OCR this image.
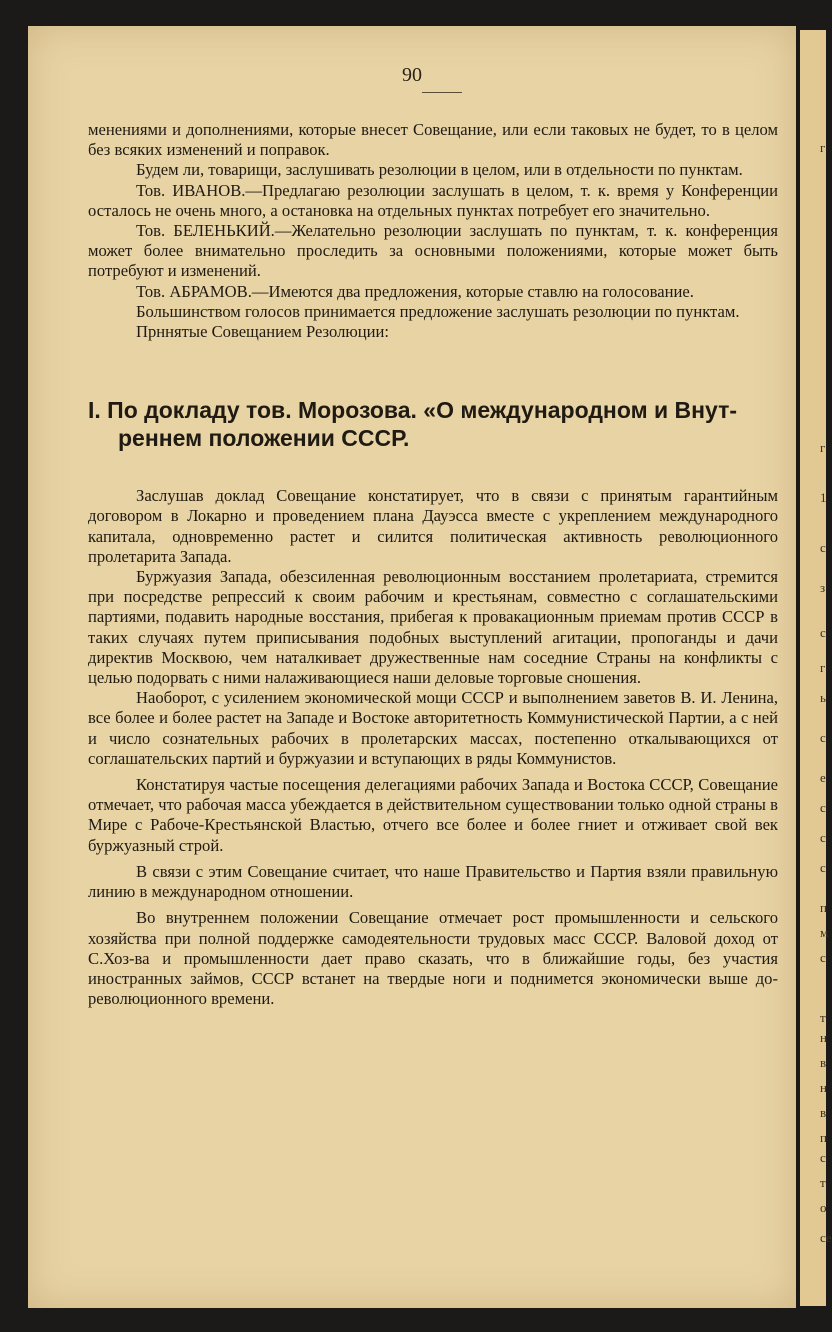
90

менениями и дополнениями, которые внесет Совещание, или если таковых не будет, то в целом без всяких изменений и поправок.

Будем ли, товарищи, заслушивать резолюции в целом, или в отдельности по пунктам.

Тов. ИВАНОВ.—Предлагаю резолюции заслушать в целом, т. к. время у Конференции осталось не очень много, а остановка на отдельных пунктах потребует его значительно.

Тов. БЕЛЕНЬКИЙ.—Желательно резолюции заслушать по пунктам, т. к. конференция может более внимательно проследить за основными положениями, которые может быть потребуют и изменений.

Тов. АБРАМОВ.—Имеются два предложения, которые ставлю на голосование.

Большинством голосов принимается предложение заслушать резолюции по пунктам.

Прннятые Совещанием Резолюции:

I. По докладу тов. Морозова. «О международном и Внут-
реннем положении СССР.

Заслушав доклад Совещание констатирует, что в связи с принятым гарантийным договором в Локарно и проведением плана Дауэсса вместе с укреплением международного капитала, одновременно растет и силится политическая активность революционного пролетарита Запада.

Буржуазия Запада, обезсиленная революционным восстанием пролетариата, стремится при посредстве репрессий к своим рабочим и крестьянам, совместно с соглашательскими партиями, подавить народные восстания, прибегая к провакационным приемам против СССР в таких случаях путем приписывания подобных выступлений агитации, пропоганды и дачи директив Москвою, чем наталкивает дружественные нам соседние Страны на конфликты с целью подорвать с ними налаживающиеся наши деловые торговые сношения.

Наоборот, с усилением экономической мощи СССР и выполнением заветов В. И. Ленина, все более и более растет на Западе и Востоке авторитетность Коммунистической Партии, а с ней и число сознательных рабочих в пролетарских массах, постепенно откалывающихся от соглашательских партий и буржуазии и вступающих в ряды Коммунистов.

Констатируя частые посещения делегациями рабочих Запада и Востока СССР, Совещание отмечает, что рабочая масса убеждается в действительном существовании только одной страны в Мире с Рабоче-Крестьянской Властью, отчего все более и более гниет и отживает свой век буржуазный строй.

В связи с этим Совещание считает, что наше Правительство и Партия взяли правильную линию в международном отношении.

Во внутреннем положении Совещание отмечает рост промышленности и сельского хозяйства при полной поддержке самодеятельности трудовых масс СССР. Валовой доход от С.Хоз-ва и промышленности дает право сказать, что в ближайшие годы, без участия иностранных займов, СССР встанет на твердые ноги и поднимется экономически выше до-революционного времени.

г
г
1
с
з
с
г
ь
с
е
с
с
с
п
м
с
т
н
в
н
в
п
с
т
о
се
